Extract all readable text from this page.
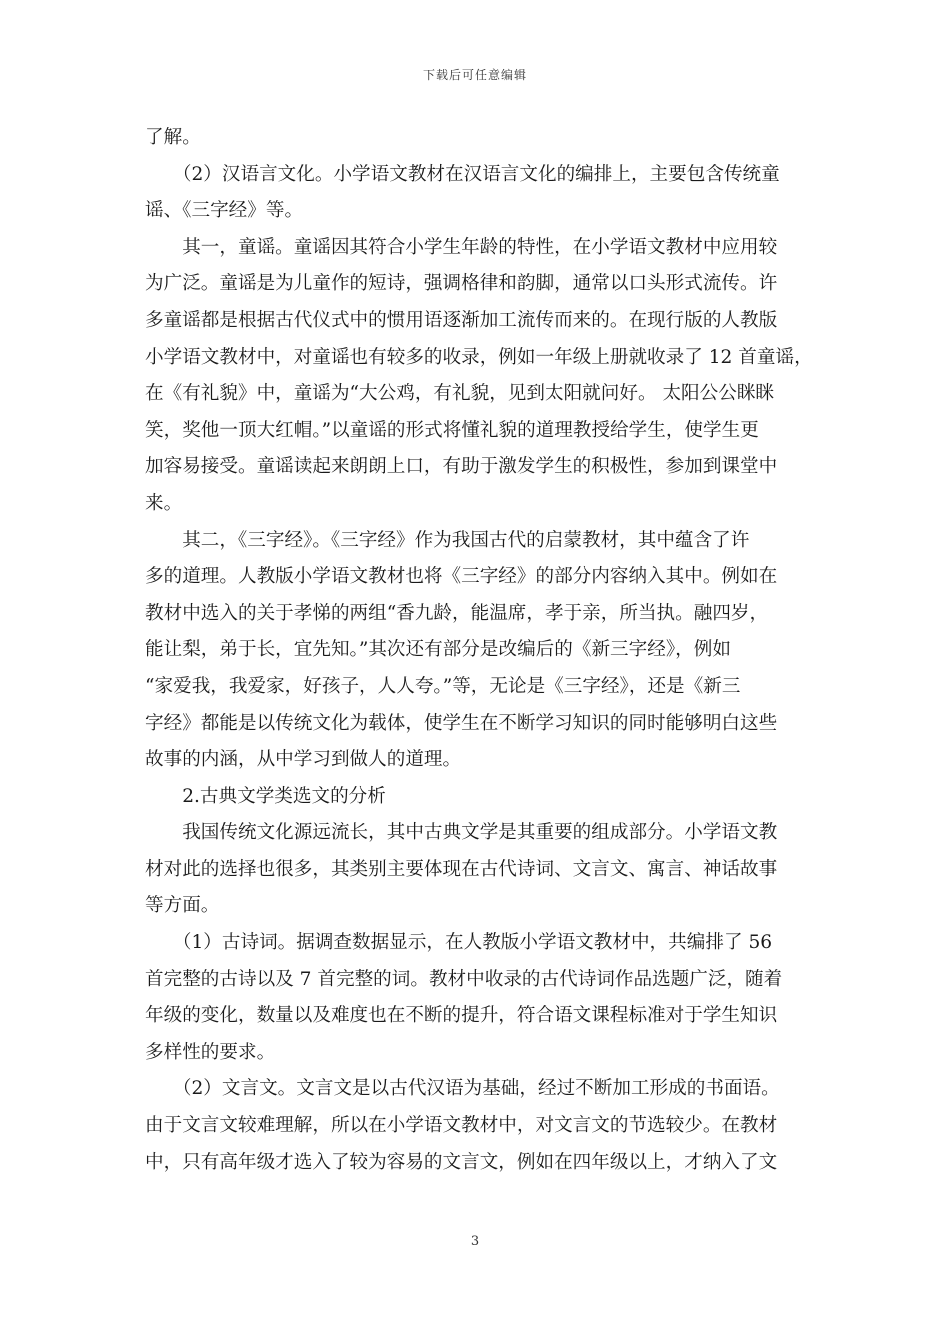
下载后可任意编辑
了解。
　　（2）汉语言文化。小学语文教材在汉语言文化的编排上，主要包含传统童
谣、《三字经》等。
　　其一，童谣。童谣因其符合小学生年龄的特性，在小学语文教材中应用较
为广泛。童谣是为儿童作的短诗，强调格律和韵脚，通常以口头形式流传。许
多童谣都是根据古代仪式中的惯用语逐渐加工流传而来的。在现行版的人教版
小学语文教材中，对童谣也有较多的收录，例如一年级上册就收录了 12 首童谣，
在《有礼貌》中，童谣为“大公鸡，有礼貌，见到太阳就问好。 太阳公公眯眯
笑，奖他一顶大红帽。”以童谣的形式将懂礼貌的道理教授给学生，使学生更
加容易接受。童谣读起来朗朗上口，有助于激发学生的积极性，参加到课堂中
来。
　　其二，《三字经》。《三字经》作为我国古代的启蒙教材，其中蕴含了许
多的道理。人教版小学语文教材也将《三字经》的部分内容纳入其中。例如在
教材中选入的关于孝悌的两组“香九龄，能温席，孝于亲，所当执。融四岁，
能让梨，弟于长，宜先知。”其次还有部分是改编后的《新三字经》，例如
“家爱我，我爱家，好孩子，人人夸。”等，无论是《三字经》，还是《新三
字经》都能是以传统文化为载体，使学生在不断学习知识的同时能够明白这些
故事的内涵，从中学习到做人的道理。
　　2.古典文学类选文的分析
　　我国传统文化源远流长，其中古典文学是其重要的组成部分。小学语文教
材对此的选择也很多，其类别主要体现在古代诗词、文言文、寓言、神话故事
等方面。
　　（1）古诗词。据调查数据显示，在人教版小学语文教材中，共编排了 56
首完整的古诗以及 7 首完整的词。教材中收录的古代诗词作品选题广泛，随着
年级的变化，数量以及难度也在不断的提升，符合语文课程标准对于学生知识
多样性的要求。
　　（2）文言文。文言文是以古代汉语为基础，经过不断加工形成的书面语。
由于文言文较难理解，所以在小学语文教材中，对文言文的节选较少。在教材
中，只有高年级才选入了较为容易的文言文，例如在四年级以上，才纳入了文
3
